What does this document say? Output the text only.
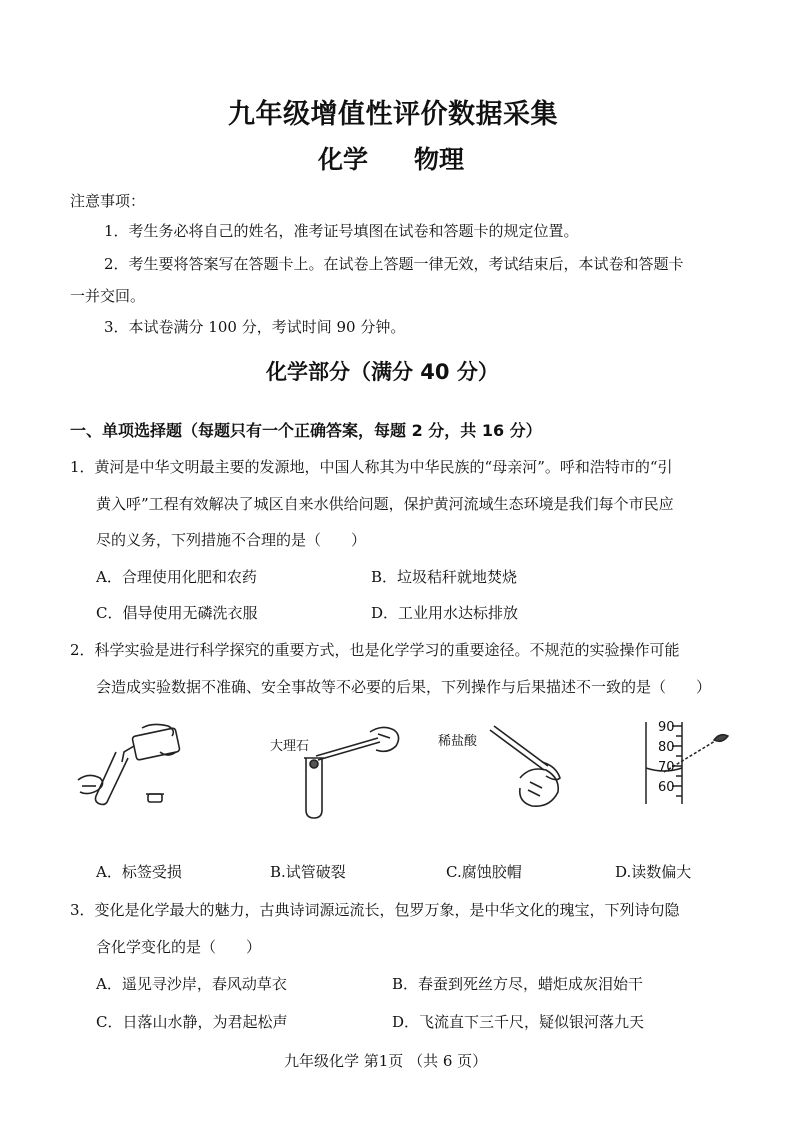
九年级增值性评价数据采集
化学 物理
注意事项：
1．考生务必将自己的姓名，准考证号填图在试卷和答题卡的规定位置。
2．考生要将答案写在答题卡上。在试卷上答题一律无效，考试结束后，本试卷和答题卡
一并交回。
3．本试卷满分 100 分，考试时间 90 分钟。
化学部分（满分 40 分）
一、单项选择题（每题只有一个正确答案，每题 2 分，共 16 分）
1．黄河是中华文明最主要的发源地，中国人称其为中华民族的“母亲河”。呼和浩特市的“引
黄入呼”工程有效解决了城区自来水供给问题，保护黄河流域生态环境是我们每个市民应
尽的义务，下列措施不合理的是（　　）
A．合理使用化肥和农药	B．垃圾秸秆就地焚烧
C．倡导使用无磷洗衣服	D．工业用水达标排放
2．科学实验是进行科学探究的重要方式，也是化学学习的重要途径。不规范的实验操作可能
会造成实验数据不准确、安全事故等不必要的后果，下列操作与后果描述不一致的是（　　）
A．标签受损
大理石
B.试管破裂
稀盐酸
C.腐蚀胶帽
90
80
70
60
D.读数偏大
3．变化是化学最大的魅力，古典诗词源远流长，包罗万象，是中华文化的瑰宝，下列诗句隐
含化学变化的是（　　）
A．遥见寻沙岸，春风动草衣	B．春蚕到死丝方尽，蜡炬成灰泪始干
C．日落山水静，为君起松声	D．飞流直下三千尺，疑似银河落九天
九年级化学 第1页 （共 6 页）
